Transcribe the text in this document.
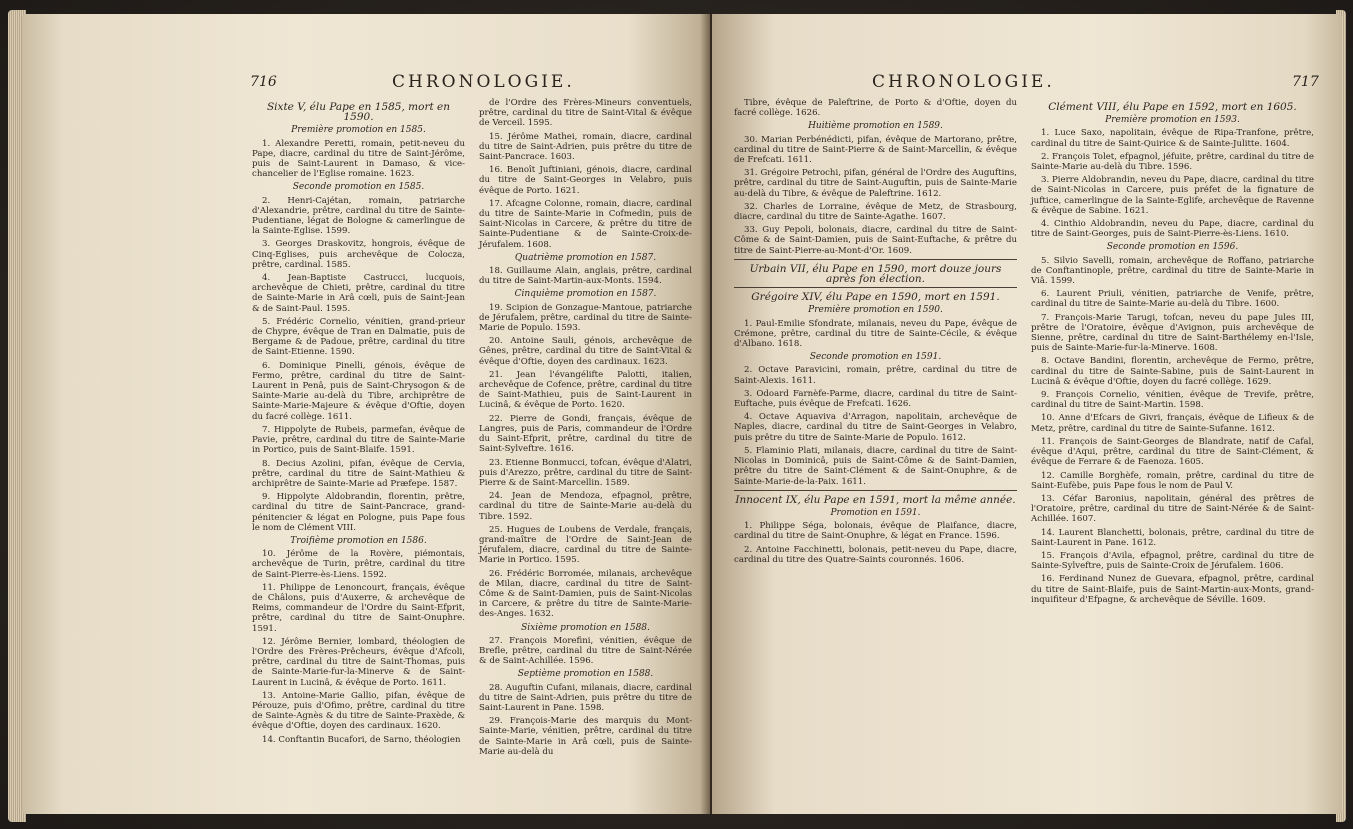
716	CHRONOLOGIE.
Sixte V, élu Pape en 1585, mort en 1590.
Première promotion en 1585.

1. Alexandre Peretti, romain, petit-neveu du Pape, diacre, cardinal du titre de Saint-Jérôme, puis de Saint-Laurent in Damaso, & vice-chancelier de l'Eglise romaine. 1623.

Seconde promotion en 1585.

2. Henri-Cajétan, romain, patriarche d'Alexandrie, prêtre, cardinal du titre de Sainte-Pudentiane, légat de Bologne & camerlingue de la Sainte-Eglise. 1599.

3. Georges Draskovitz, hongrois, évêque de Cinq-Eglises, puis archevêque de Colocza, prêtre, cardinal. 1585.

4. Jean-Baptiste Castrucci, lucquois, archevêque de Chieti, prêtre, cardinal du titre de Sainte-Marie in Arâ cœli, puis de Saint-Jean & de Saint-Paul. 1595.

5. Frédéric Cornelio, vénitien, grand-prieur de Chypre, évêque de Tran en Dalmatie, puis de Bergame & de Padoue, prêtre, cardinal du titre de Saint-Etienne. 1590.

6. Dominique Pinelli, génois, évêque de Fermo, prêtre, cardinal du titre de Saint-Laurent in Penâ, puis de Saint-Chrysogon & de Sainte-Marie au-delà du Tibre, archiprêtre de Sainte-Marie-Majeure & évêque d'Oftie, doyen du facré collège. 1611.

7. Hippolyte de Rubeis, parmefan, évêque de Pavie, prêtre, cardinal du titre de Sainte-Marie in Portico, puis de Saint-Blaife. 1591.

8. Decius Azolini, pifan, évêque de Cervia, prêtre, cardinal du titre de Saint-Mathieu & archiprêtre de Sainte-Marie ad Præfepe. 1587.

9. Hippolyte Aldobrandin, florentin, prêtre, cardinal du titre de Saint-Pancrace, grand-pénitencier & légat en Pologne, puis Pape fous le nom de Clément VIII.

Troifième promotion en 1586.

10. Jérôme de la Rovère, piémontais, archevêque de Turin, prêtre, cardinal du titre de Saint-Pierre-ès-Liens. 1592.

11. Philippe de Lenoncourt, français, évêque de Châlons, puis d'Auxerre, & archevêque de Reims, commandeur de l'Ordre du Saint-Efprit, prêtre, cardinal du titre de Saint-Onuphre. 1591.

12. Jérôme Bernier, lombard, théologien de l'Ordre des Frères-Prêcheurs, évêque d'Afcoli, prêtre, cardinal du titre de Saint-Thomas, puis de Sainte-Marie-fur-la-Minerve & de Saint-Laurent in Lucinâ, & évêque de Porto. 1611.

13. Antoine-Marie Gallio, pifan, évêque de Pérouze, puis d'Ofimo, prêtre, cardinal du titre de Sainte-Agnès & du titre de Sainte-Praxède, & évêque d'Oftie, doyen des cardinaux. 1620.

14. Conftantin Bucafori, de Sarno, théologien

de l'Ordre des Frères-Mineurs conventuels, prêtre, cardinal du titre de Saint-Vital & évêque de Verceil. 1595.

15. Jérôme Mathei, romain, diacre, cardinal du titre de Saint-Adrien, puis prêtre du titre de Saint-Pancrace. 1603.

16. Benoît Juftiniani, génois, diacre, cardinal du titre de Saint-Georges in Velabro, puis évêque de Porto. 1621.

17. Afcagne Colonne, romain, diacre, cardinal du titre de Sainte-Marie in Cofmedin, puis de Saint-Nicolas in Carcere, & prêtre du titre de Sainte-Pudentiane & de Sainte-Croix-de-Jérufalem. 1608.

Quatrième promotion en 1587.

18. Guillaume Alain, anglais, prêtre, cardinal du titre de Saint-Martin-aux-Monts. 1594.

Cinquième promotion en 1587.

19. Scipion de Gonzague-Mantoue, patriarche de Jérufalem, prêtre, cardinal du titre de Sainte-Marie de Populo. 1593.

20. Antoine Sauli, génois, archevêque de Gênes, prêtre, cardinal du titre de Saint-Vital & évêque d'Oftie, doyen des cardinaux. 1623.

21. Jean l'évangélifte Palotti, italien, archevêque de Cofence, prêtre, cardinal du titre de Saint-Mathieu, puis de Saint-Laurent in Lucinâ, & évêque de Porto. 1620.

22. Pierre de Gondi, français, évêque de Langres, puis de Paris, commandeur de l'Ordre du Saint-Efprit, prêtre, cardinal du titre de Saint-Sylveftre. 1616.

23. Etienne Bonmucci, tofcan, évêque d'Alatri, puis d'Arezzo, prêtre, cardinal du titre de Saint-Pierre & de Saint-Marcellin. 1589.

24. Jean de Mendoza, efpagnol, prêtre, cardinal du titre de Sainte-Marie au-delà du Tibre. 1592.

25. Hugues de Loubens de Verdale, français, grand-maître de l'Ordre de Saint-Jean de Jérufalem, diacre, cardinal du titre de Sainte-Marie in Portico. 1595.

26. Frédéric Borromée, milanais, archevêque de Milan, diacre, cardinal du titre de Saint-Côme & de Saint-Damien, puis de Saint-Nicolas in Carcere, & prêtre du titre de Sainte-Marie-des-Anges. 1632.

Sixième promotion en 1588.

27. François Morefini, vénitien, évêque de Brefle, prêtre, cardinal du titre de Saint-Nérée & de Saint-Achillée. 1596.

Septième promotion en 1588.

28. Auguftin Cufani, milanais, diacre, cardinal du titre de Saint-Adrien, puis prêtre du titre de Saint-Laurent in Pane. 1598.

29. François-Marie des marquis du Mont-Sainte-Marie, vénitien, prêtre, cardinal du titre de Sainte-Marie in Arâ cœli, puis de Sainte-Marie au-delà du

CHRONOLOGIE.	717

Tibre, évêque de Paleftrine, de Porto & d'Oftie, doyen du facré collège. 1626.

Huitième promotion en 1589.

30. Marian Perbénédicti, pifan, évêque de Martorano, prêtre, cardinal du titre de Saint-Pierre & de Saint-Marcellin, & évêque de Frefcati. 1611.

31. Grégoire Petrochi, pifan, général de l'Ordre des Auguftins, prêtre, cardinal du titre de Saint-Auguftin, puis de Sainte-Marie au-delà du Tibre, & évêque de Paleftrine. 1612.

32. Charles de Lorraine, évêque de Metz, de Strasbourg, diacre, cardinal du titre de Sainte-Agathe. 1607.

33. Guy Pepoli, bolonais, diacre, cardinal du titre de Saint-Côme & de Saint-Damien, puis de Saint-Euftache, & prêtre du titre de Saint-Pierre-au-Mont-d'Or. 1609.

Urbain VII, élu Pape en 1590, mort douze jours après fon élection.
Grégoire XIV, élu Pape en 1590, mort en 1591.
Première promotion en 1590.

1. Paul-Emilie Sfondrate, milanais, neveu du Pape, évêque de Crémone, prêtre, cardinal du titre de Sainte-Cécile, & évêque d'Albano. 1618.

Seconde promotion en 1591.

2. Octave Paravicini, romain, prêtre, cardinal du titre de Saint-Alexis. 1611.

3. Odoard Farnèfe-Parme, diacre, cardinal du titre de Saint-Euftache, puis évêque de Frefcati. 1626.

4. Octave Aquaviva d'Arragon, napolitain, archevêque de Naples, diacre, cardinal du titre de Saint-Georges in Velabro, puis prêtre du titre de Sainte-Marie de Populo. 1612.

5. Flaminio Plati, milanais, diacre, cardinal du titre de Saint-Nicolas in Dominicâ, puis de Saint-Côme & de Saint-Damien, prêtre du titre de Saint-Clément & de Saint-Onuphre, & de Sainte-Marie-de-la-Paix. 1611.

Innocent IX, élu Pape en 1591, mort la même année.
Promotion en 1591.

1. Philippe Séga, bolonais, évêque de Plaifance, diacre, cardinal du titre de Saint-Onuphre, & légat en France. 1596.

2. Antoine Facchinetti, bolonais, petit-neveu du Pape, diacre, cardinal du titre des Quatre-Saints couronnés. 1606.

Clément VIII, élu Pape en 1592, mort en 1605.
Première promotion en 1593.

1. Luce Saxo, napolitain, évêque de Ripa-Tranfone, prêtre, cardinal du titre de Saint-Quirice & de Sainte-Julitte. 1604.

2. François Tolet, efpagnol, jéfuite, prêtre, cardinal du titre de Sainte-Marie au-delà du Tibre. 1596.

3. Pierre Aldobrandin, neveu du Pape, diacre, cardinal du titre de Saint-Nicolas in Carcere, puis préfet de la fignature de juftice, camerlingue de la Sainte-Eglife, archevêque de Ravenne & évêque de Sabine. 1621.

4. Cinthio Aldobrandin, neveu du Pape, diacre, cardinal du titre de Saint-Georges, puis de Saint-Pierre-ès-Liens. 1610.

Seconde promotion en 1596.

5. Silvio Savelli, romain, archevêque de Roffano, patriarche de Conftantinople, prêtre, cardinal du titre de Sainte-Marie in Viâ. 1599.

6. Laurent Priuli, vénitien, patriarche de Venife, prêtre, cardinal du titre de Sainte-Marie au-delà du Tibre. 1600.

7. François-Marie Tarugi, tofcan, neveu du pape Jules III, prêtre de l'Oratoire, évêque d'Avignon, puis archevêque de Sienne, prêtre, cardinal du titre de Saint-Barthélemy en-l'Isle, puis de Sainte-Marie-fur-la-Minerve. 1608.

8. Octave Bandini, florentin, archevêque de Fermo, prêtre, cardinal du titre de Sainte-Sabine, puis de Saint-Laurent in Lucinâ & évêque d'Oftie, doyen du facré collège. 1629.

9. François Cornelio, vénitien, évêque de Trevife, prêtre, cardinal du titre de Saint-Martin. 1598.

10. Anne d'Efcars de Givri, français, évêque de Lifieux & de Metz, prêtre, cardinal du titre de Sainte-Sufanne. 1612.

11. François de Saint-Georges de Blandrate, natif de Cafal, évêque d'Aqui, prêtre, cardinal du titre de Saint-Clément, & évêque de Ferrare & de Faenoza. 1605.

12. Camille Borghèfe, romain, prêtre, cardinal du titre de Saint-Eufèbe, puis Pape fous le nom de Paul V.

13. Céfar Baronius, napolitain, général des prêtres de l'Oratoire, prêtre, cardinal du titre de Saint-Nérée & de Saint-Achillée. 1607.

14. Laurent Blanchetti, bolonais, prêtre, cardinal du titre de Saint-Laurent in Pane. 1612.

15. François d'Avila, efpagnol, prêtre, cardinal du titre de Sainte-Sylveftre, puis de Sainte-Croix de Jérufalem. 1606.

16. Ferdinand Nunez de Guevara, efpagnol, prêtre, cardinal du titre de Saint-Blaife, puis de Saint-Martin-aux-Monts, grand-inquifiteur d'Efpagne, & archevêque de Séville. 1609.
